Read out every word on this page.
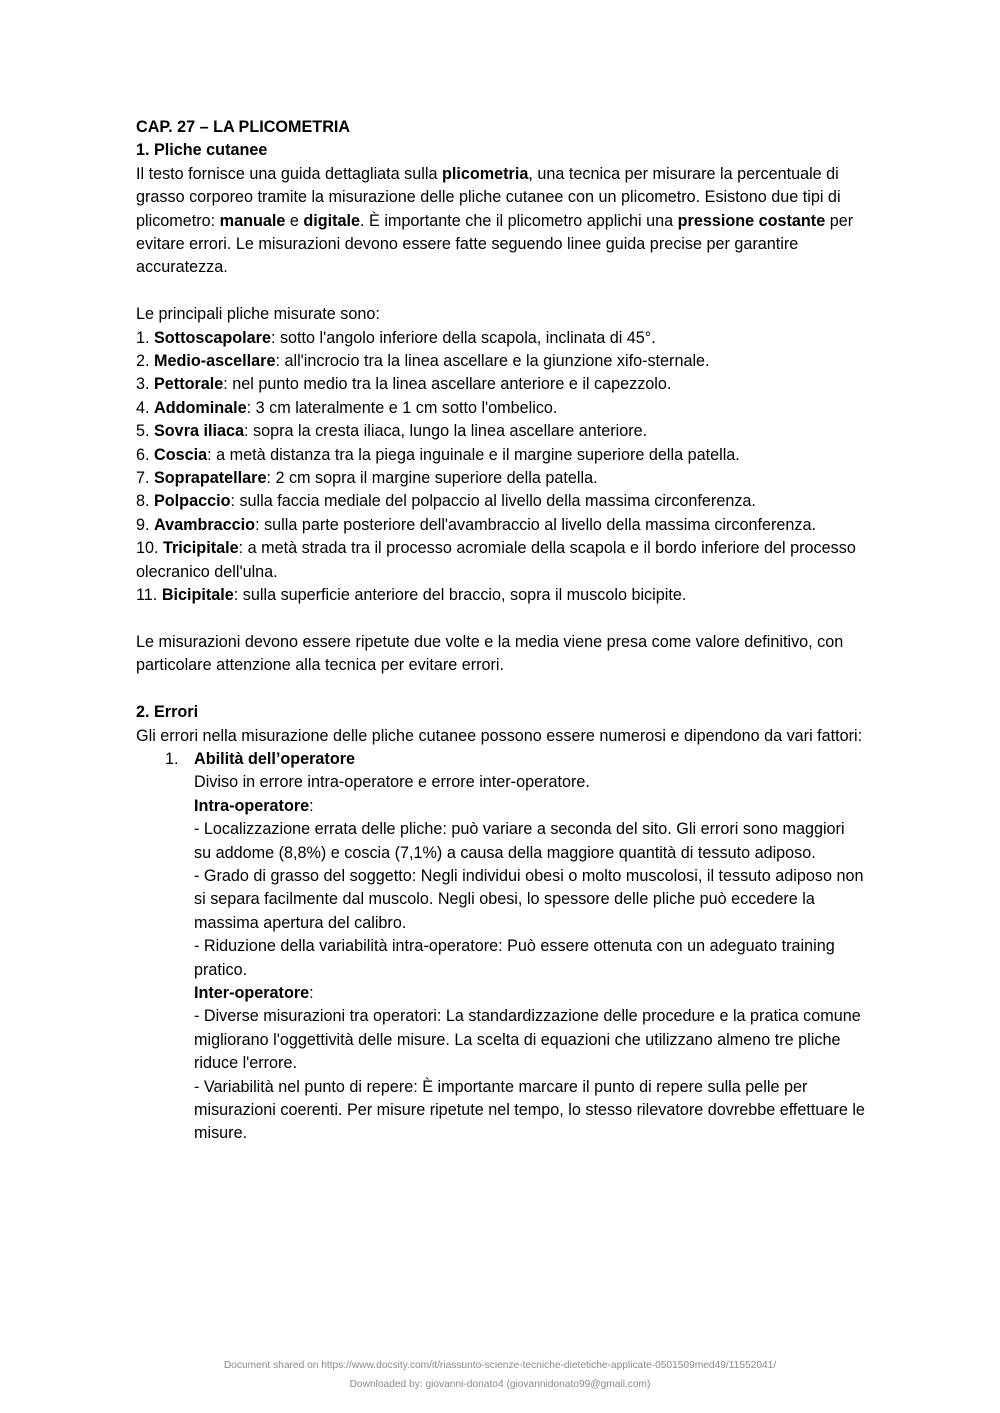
CAP. 27 – LA PLICOMETRIA

1. Pliche cutanee

Il testo fornisce una guida dettagliata sulla plicometria, una tecnica per misurare la percentuale di grasso corporeo tramite la misurazione delle pliche cutanee con un plicometro. Esistono due tipi di plicometro: manuale e digitale. È importante che il plicometro applichi una pressione costante per evitare errori. Le misurazioni devono essere fatte seguendo linee guida precise per garantire accuratezza.

Le principali pliche misurate sono:

1. Sottoscapolare: sotto l'angolo inferiore della scapola, inclinata di 45°.

2. Medio-ascellare: all'incrocio tra la linea ascellare e la giunzione xifo-sternale.

3. Pettorale: nel punto medio tra la linea ascellare anteriore e il capezzolo.

4. Addominale: 3 cm lateralmente e 1 cm sotto l'ombelico.

5. Sovra iliaca: sopra la cresta iliaca, lungo la linea ascellare anteriore.

6. Coscia: a metà distanza tra la piega inguinale e il margine superiore della patella.

7. Soprapatellare: 2 cm sopra il margine superiore della patella.

8. Polpaccio: sulla faccia mediale del polpaccio al livello della massima circonferenza.

9. Avambraccio: sulla parte posteriore dell'avambraccio al livello della massima circonferenza.

10. Tricipitale: a metà strada tra il processo acromiale della scapola e il bordo inferiore del processo olecranico dell'ulna.

11. Bicipitale: sulla superficie anteriore del braccio, sopra il muscolo bicipite.

Le misurazioni devono essere ripetute due volte e la media viene presa come valore definitivo, con particolare attenzione alla tecnica per evitare errori.

2. Errori

Gli errori nella misurazione delle pliche cutanee possono essere numerosi e dipendono da vari fattori:

1. Abilità dell’operatore

Diviso in errore intra-operatore e errore inter-operatore.

Intra-operatore:

- Localizzazione errata delle pliche: può variare a seconda del sito. Gli errori sono maggiori su addome (8,8%) e coscia (7,1%) a causa della maggiore quantità di tessuto adiposo.

- Grado di grasso del soggetto: Negli individui obesi o molto muscolosi, il tessuto adiposo non si separa facilmente dal muscolo. Negli obesi, lo spessore delle pliche può eccedere la massima apertura del calibro.

- Riduzione della variabilità intra-operatore: Può essere ottenuta con un adeguato training pratico.

Inter-operatore:

- Diverse misurazioni tra operatori: La standardizzazione delle procedure e la pratica comune migliorano l'oggettività delle misure. La scelta di equazioni che utilizzano almeno tre pliche riduce l'errore.

- Variabilità nel punto di repere: È importante marcare il punto di repere sulla pelle per misurazioni coerenti. Per misure ripetute nel tempo, lo stesso rilevatore dovrebbe effettuare le misure.

Document shared on https://www.docsity.com/it/riassunto-scienze-tecniche-dietetiche-applicate-0501509med49/11552041/
Downloaded by: giovanni-donato4 (giovannidonato99@gmail.com)
